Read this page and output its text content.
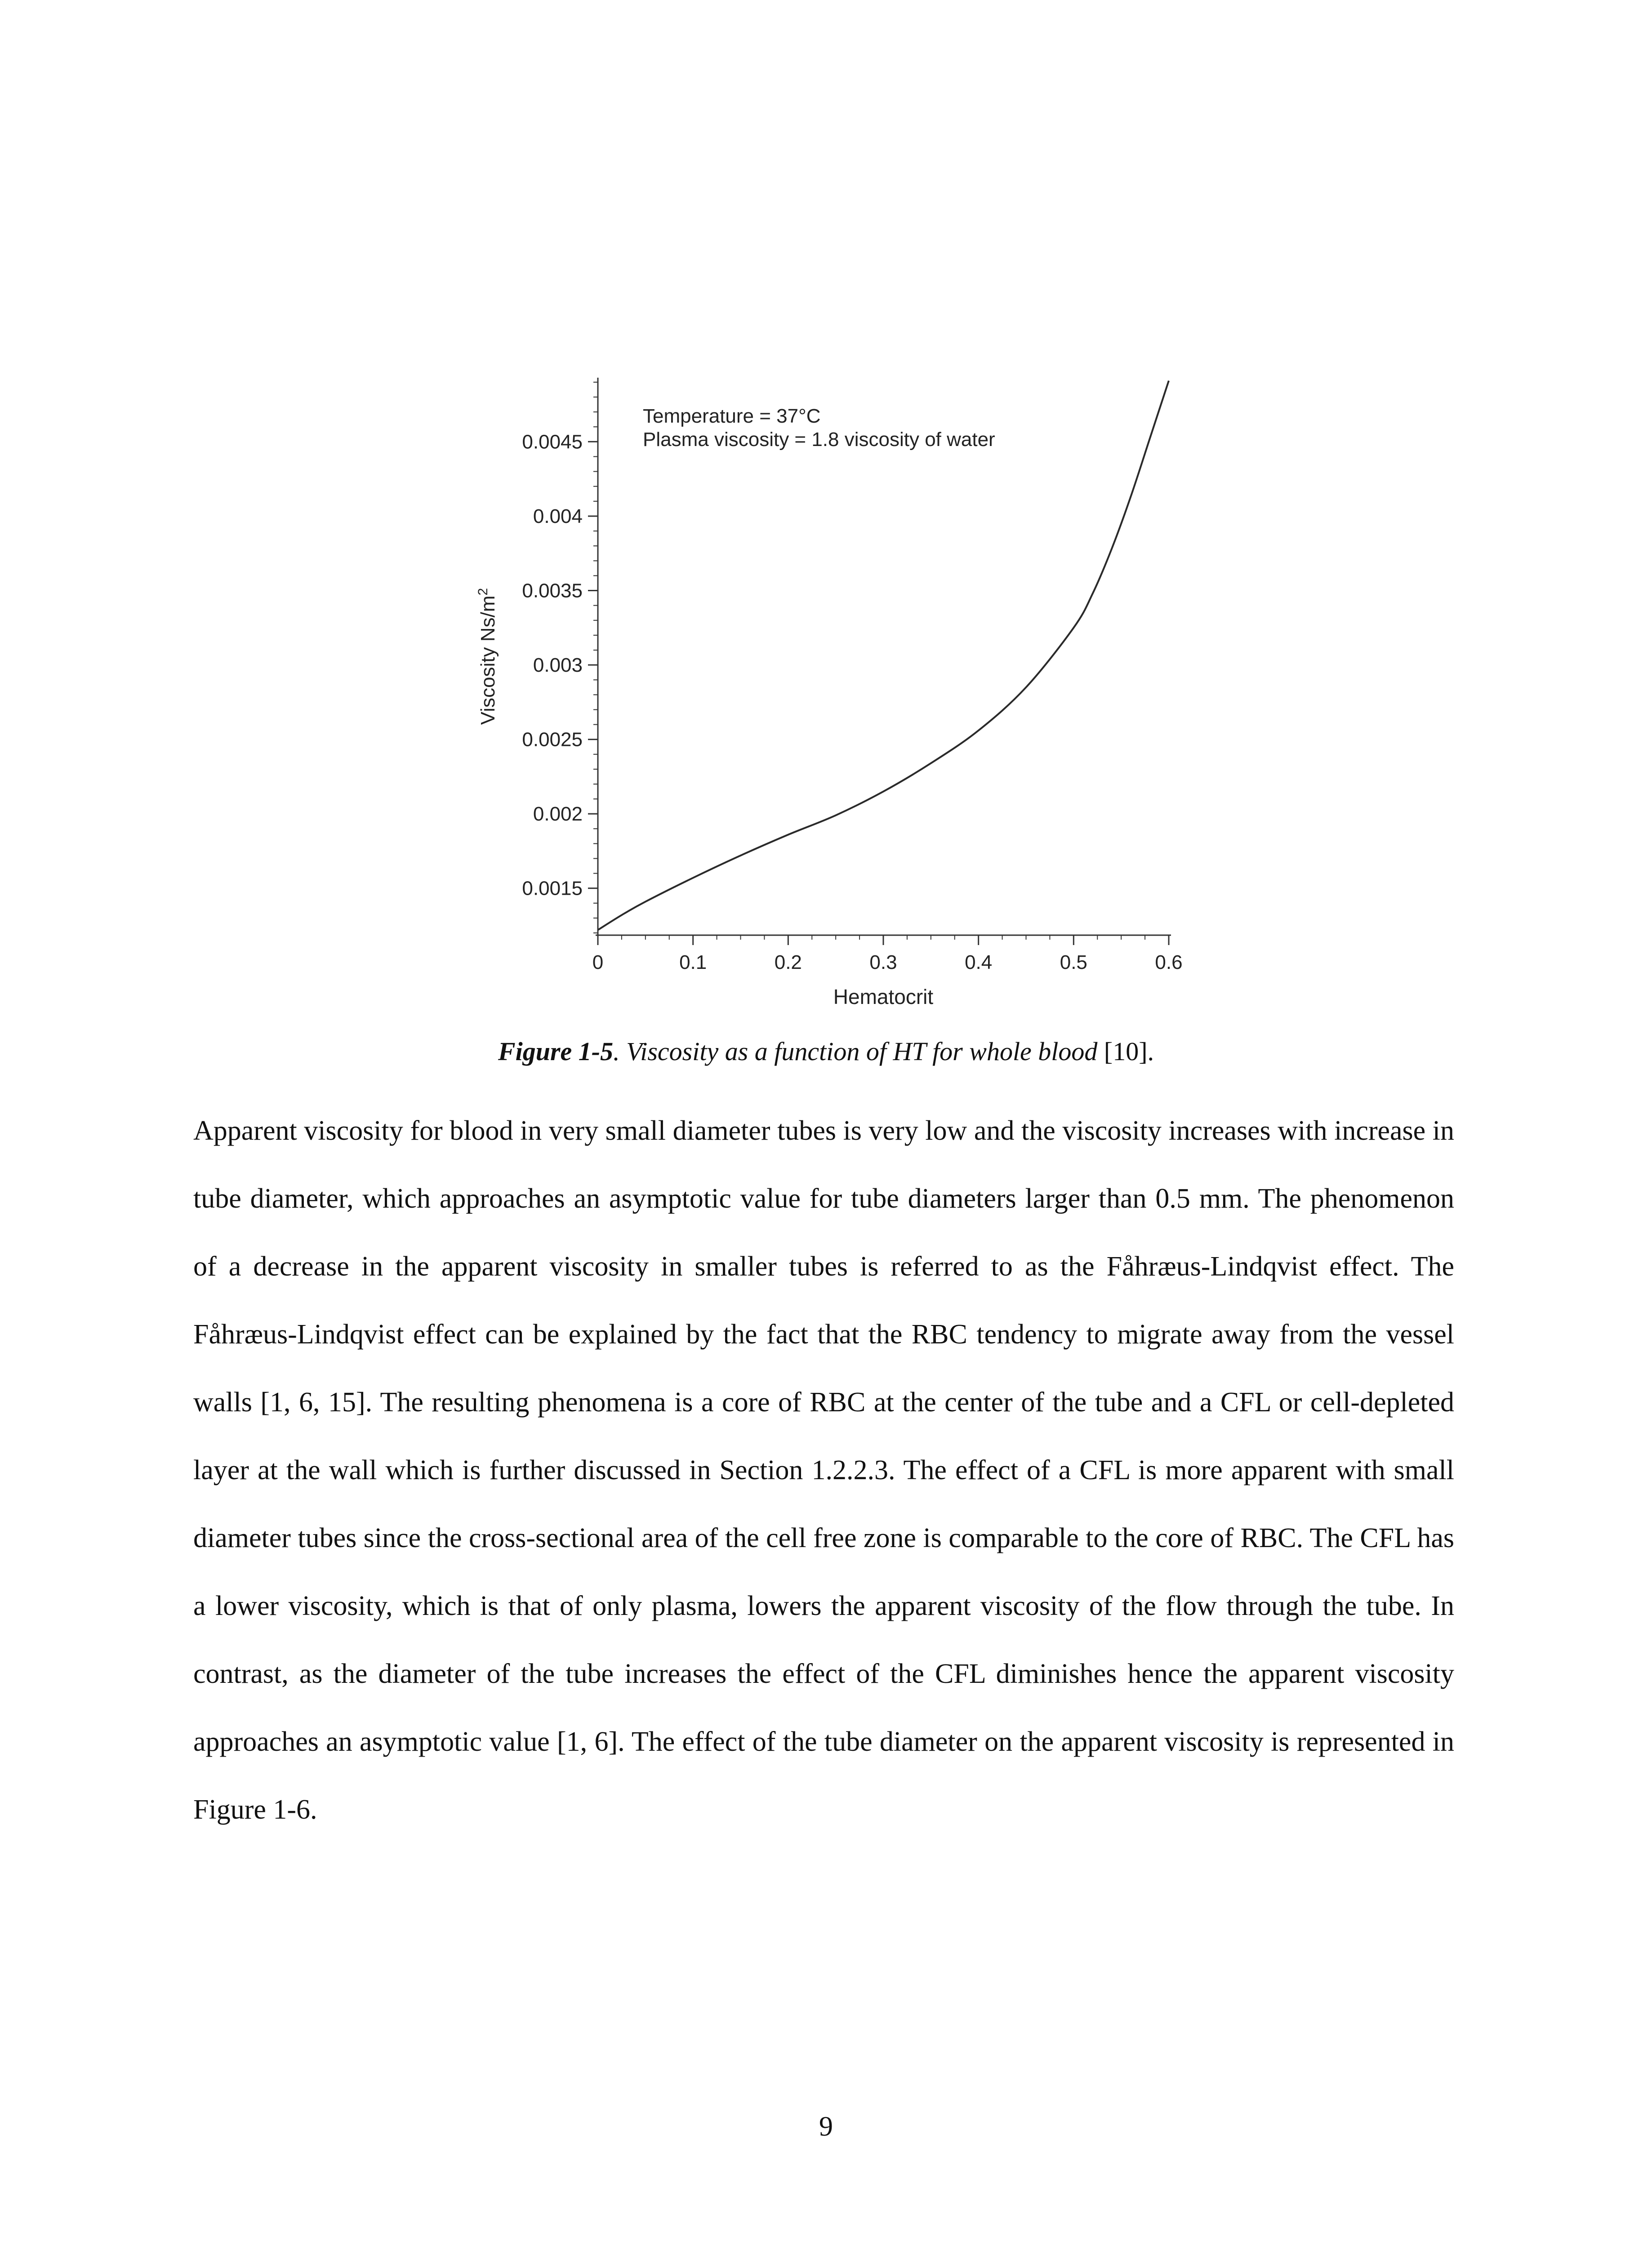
0.0015
0.002
0.0025
0.003
0.0035
0.004
0.0045
0	0.1	0.2	0.3	0.4	0.5	0.6
Temperature = 37°C
Plasma viscosity = 1.8 viscosity of water
Hematocrit
Viscosity $Ns/m^2$
Figure 1-5. Viscosity as a function of HT for whole blood [10].

Apparent viscosity for blood in very small diameter tubes is very low and the viscosity increases with increase in tube diameter, which approaches an asymptotic value for tube diameters larger than 0.5 mm. The phenomenon of a decrease in the apparent viscosity in smaller tubes is referred to as the Fåhræus-Lindqvist effect. The Fåhræus-Lindqvist effect can be explained by the fact that the RBC tendency to migrate away from the vessel walls [1, 6, 15]. The resulting phenomena is a core of RBC at the center of the tube and a CFL or cell-depleted layer at the wall which is further discussed in Section 1.2.2.3. The effect of a CFL is more apparent with small diameter tubes since the cross-sectional area of the cell free zone is comparable to the core of RBC. The CFL has a lower viscosity, which is that of only plasma, lowers the apparent viscosity of the flow through the tube. In contrast, as the diameter of the tube increases the effect of the CFL diminishes hence the apparent viscosity approaches an asymptotic value [1, 6]. The effect of the tube diameter on the apparent viscosity is represented in Figure 1-6.

9
